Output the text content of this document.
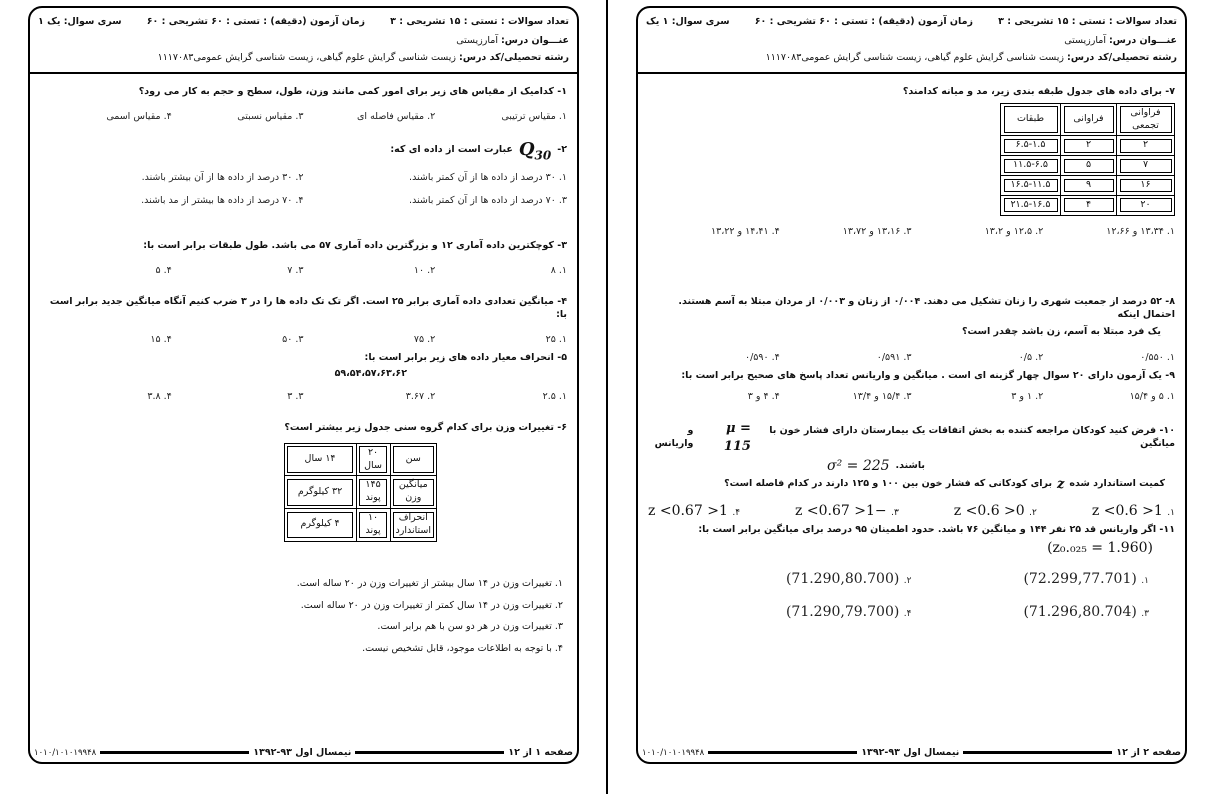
تعداد سوالات : تستی : ۱۵ تشریحی : ۳
زمان آزمون (دقیقه) : تستی : ۶۰ تشریحی : ۶۰
سری سوال: یک ۱
عنـــوان درس: آمارزیستی
رشته تحصیلی/کد درس: زیست شناسی گرایش علوم گیاهی، زیست شناسی گرایش عمومی۱۱۱۷۰۸۳
۱- کدامیک از مقیاس های زیر برای امور کمی مانند وزن، طول، سطح و حجم به کار می رود؟
۱. مقیاس ترتیبی
۲. مقیاس فاصله ای
۳. مقیاس نسبتی
۴. مقیاس اسمی
۲-
$Q_{30}$
عبارت است از داده ای که:
۱. ۳۰ درصد از داده ها از آن کمتر باشند.
۲. ۳۰ درصد از داده ها از آن بیشتر باشند.
۳. ۷۰ درصد از داده ها از آن کمتر باشند.
۴. ۷۰ درصد از داده ها بیشتر از مد باشند.
۳- کوچکترین داده آماری ۱۲ و بزرگترین داده آماری ۵۷ می باشد. طول طبقات برابر است با:
۱. ۸
۲. ۱۰
۳. ۷
۴. ۵
۴- میانگین تعدادی داده آماری برابر ۲۵ است. اگر تک تک داده ها را در ۳ ضرب کنیم آنگاه میانگین جدید برابر است با:
۱. ۲۵
۲. ۷۵
۳. ۵۰
۴. ۱۵
۵- انحراف معیار داده های زیر برابر است با:
۵۹،۵۴،۵۷،۶۳،۶۲
۱. ۲.۵
۲. ۳.۶۷
۳. ۳
۴. ۳.۸
۶- تغییرات وزن برای کدام گروه سنی جدول زیر بیشتر است؟
سن	۲۰ سال	۱۴ سال
میانگین وزن	۱۴۵ پوند	۳۲ کیلوگرم
انحراف استاندارد	۱۰ پوند	۴ کیلوگرم
۱. تغییرات وزن در ۱۴ سال بیشتر از تغییرات وزن در ۲۰ ساله است.
۲. تغییرات وزن در ۱۴ سال کمتر از تغییرات وزن در ۲۰ ساله است.
۳. تغییرات وزن در هر دو سن با هم برابر است.
۴. با توجه به اطلاعات موجود، قابل تشخیص نیست.
صفحه ۱ از ۱۲
نیمسال اول ۹۳-۱۳۹۲
۱۰۱۰/۱۰۱۰۱۹۹۴۸
تعداد سوالات : تستی : ۱۵ تشریحی : ۳
زمان آزمون (دقیقه) : تستی : ۶۰ تشریحی : ۶۰
سری سوال: ۱ یک
عنـــوان درس: آمارزیستی
رشته تحصیلی/کد درس: زیست شناسی گرایش علوم گیاهی، زیست شناسی گرایش عمومی۱۱۱۷۰۸۳
۷- برای داده های جدول طبقه بندی زیر، مد و میانه کدامند؟
فراوانی تجمعی	فراوانی	طبقات
۲	۲	۶.۵-۱.۵
۷	۵	۱۱.۵-۶.۵
۱۶	۹	۱۶.۵-۱۱.۵
۲۰	۴	۲۱.۵-۱۶.۵
۱. ۱۳،۳۴ و ۱۲،۶۶
۲. ۱۲،۵ و ۱۳،۲
۳. ۱۳،۱۶ و ۱۳،۷۲
۴. ۱۴،۴۱ و ۱۳،۲۲
۸- ۵۲ درصد از جمعیت شهری را زنان تشکیل می دهند. ۰/۰۰۴ از زنان و ۰/۰۰۳ از مردان مبتلا به آسم هستند. احتمال اینکه
یک فرد مبتلا به آسم، زن باشد چقدر است؟
۱. ۰/۵۵۰
۲. ۰/۵
۳. ۰/۵۹۱
۴. ۰/۵۹۰
۹- یک آزمون دارای ۲۰ سوال چهار گزینه ای است . میانگین و واریانس تعداد پاسخ های صحیح برابر است با:
۱. ۵ و ۱۵/۴
۲. ۱ و ۳
۳. ۱۵/۴ و ۱۳/۴
۴. ۴ و ۳
۱۰- فرض کنید کودکان مراجعه کننده به بخش اتفاقات یک بیمارستان دارای فشار خون با میانگین
μ = 115
و واریانس
باشند.
σ² = 225
کمیت استاندارد شده
z
برای کودکانی که فشار خون بین ۱۰۰ و ۱۲۵ دارند در کدام فاصله است؟
۱. 1< z <0.6
۲. 0< z <0.6
۳. −1< z <0.67
۴. 1< z <0.67
۱۱- اگر واریانس قد ۲۵ نفر ۱۴۴ و میانگین ۷۶ باشد. حدود اطمینان ۹۵ درصد برای میانگین برابر است با:
(z₀.₀₂₅ = 1.960)
۱. (72.299,77.701)
۲. (71.290,80.700)
۳. (71.296,80.704)
۴. (71.290,79.700)
صفحه ۲ از ۱۲
نیمسال اول ۹۳-۱۳۹۲
۱۰۱۰/۱۰۱۰۱۹۹۴۸
